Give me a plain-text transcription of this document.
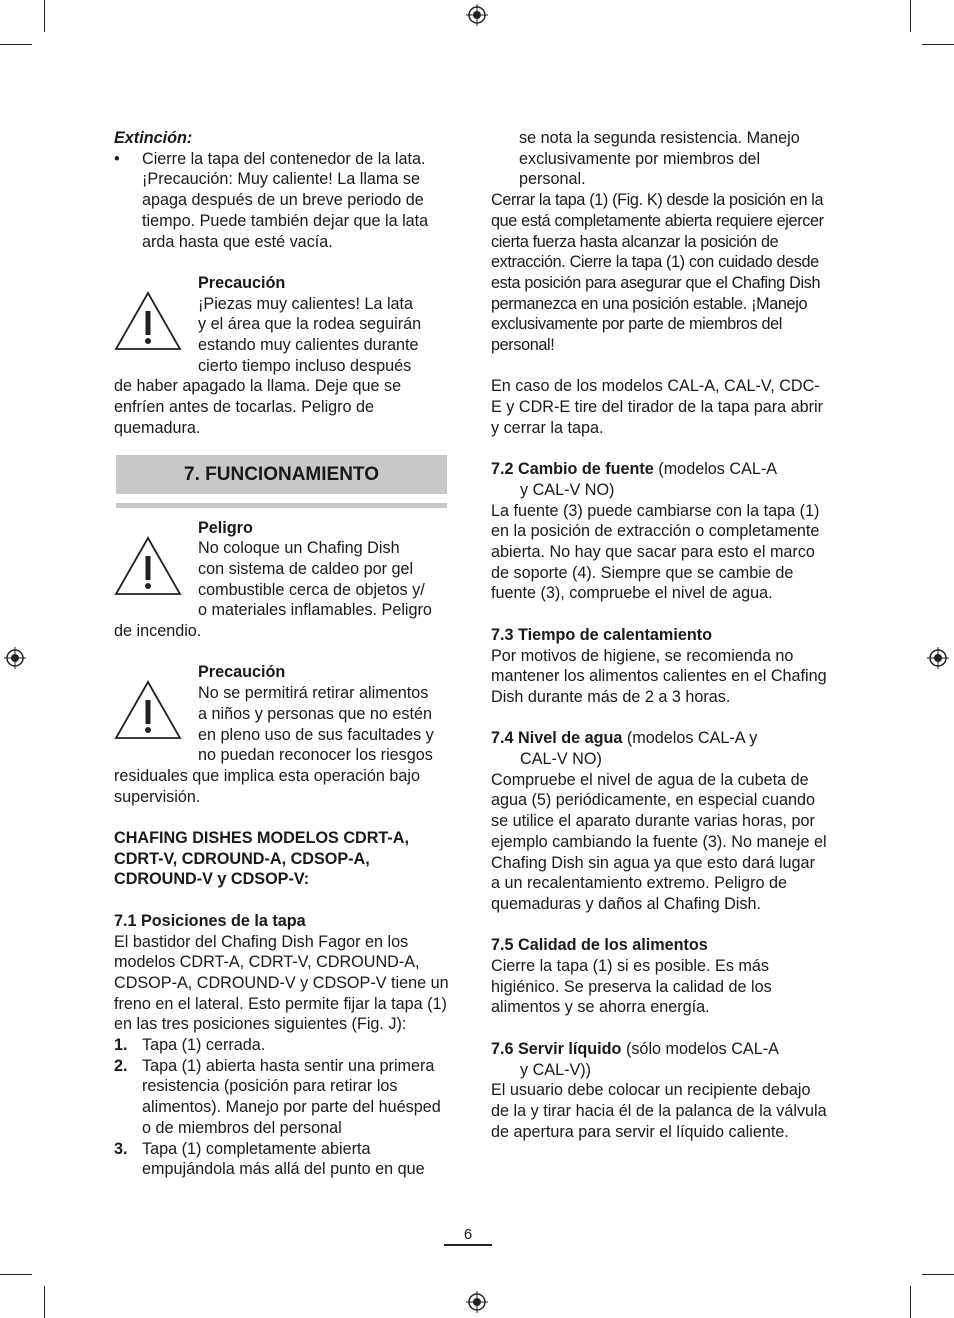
Extinción:

• Cierre la tapa del contenedor de la lata. ¡Precaución: Muy caliente! La llama se apaga después de un breve periodo de tiempo. Puede también dejar que la lata arda hasta que esté vacía.

Precaución

¡Piezas muy calientes! La lata

y el área que la rodea seguirán

estando muy calientes durante

cierto tiempo incluso después

de haber apagado la llama. Deje que se enfríen antes de tocarlas. Peligro de quemadura.

7. FUNCIONAMIENTO

Peligro

No coloque un Chafing Dish

con sistema de caldeo por gel

combustible cerca de objetos y/

o materiales inflamables. Peligro

de incendio.

Precaución

No se permitirá retirar alimentos

a niños y personas que no estén

en pleno uso de sus facultades y

no puedan reconocer los riesgos

residuales que implica esta operación bajo supervisión.

CHAFING DISHES MODELOS CDRT-A, CDRT-V, CDROUND-A, CDSOP-A, CDROUND-V y CDSOP-V:

7.1 Posiciones de la tapa

El bastidor del Chafing Dish Fagor en los modelos CDRT-A, CDRT-V, CDROUND-A, CDSOP-A, CDROUND-V y CDSOP-V tiene un freno en el lateral. Esto permite fijar la tapa (1) en las tres posiciones siguientes (Fig. J):

1. Tapa (1) cerrada.
2. Tapa (1) abierta hasta sentir una primera resistencia (posición para retirar los alimentos). Manejo por parte del huésped o de miembros del personal
3. Tapa (1) completamente abierta empujándola más allá del punto en que

se nota la segunda resistencia. Manejo exclusivamente por miembros del personal.

Cerrar la tapa (1) (Fig. K) desde la posición en la que está completamente abierta requiere ejercer cierta fuerza hasta alcanzar la posición de extracción. Cierre la tapa (1) con cuidado desde esta posición para asegurar que el Chafing Dish permanezca en una posición estable. ¡Manejo exclusivamente por parte de miembros del personal!

En caso de los modelos CAL-A, CAL-V, CDC-E y CDR-E tire del tirador de la tapa para abrir y cerrar la tapa.

7.2 Cambio de fuente (modelos CAL-A

y CAL-V NO)

La fuente (3) puede cambiarse con la tapa (1) en la posición de extracción o completamente abierta. No hay que sacar para esto el marco de soporte (4). Siempre que se cambie de fuente (3), compruebe el nivel de agua.

7.3 Tiempo de calentamiento

Por motivos de higiene, se recomienda no mantener los alimentos calientes en el Chafing Dish durante más de 2 a 3 horas.

7.4 Nivel de agua (modelos CAL-A y

CAL-V NO)

Compruebe el nivel de agua de la cubeta de agua (5) periódicamente, en especial cuando se utilice el aparato durante varias horas, por ejemplo cambiando la fuente (3). No maneje el Chafing Dish sin agua ya que esto dará lugar a un recalentamiento extremo. Peligro de quemaduras y daños al Chafing Dish.

7.5 Calidad de los alimentos

Cierre la tapa (1) si es posible. Es más higiénico. Se preserva la calidad de los alimentos y se ahorra energía.

7.6 Servir líquido (sólo modelos CAL-A

y CAL-V))

El usuario debe colocar un recipiente debajo de la y tirar hacia él de la palanca de la válvula de apertura para servir el líquido caliente.

6
